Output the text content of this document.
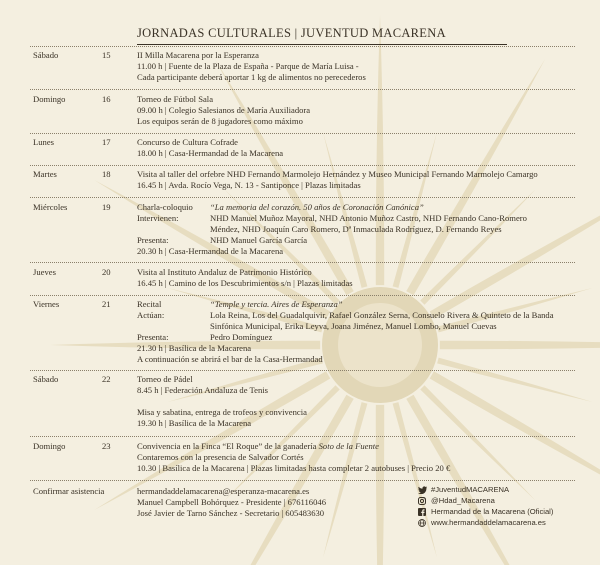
JORNADAS CULTURALES | JUVENTUD MACARENA
Sábado	15	II Milla Macarena por la Esperanza
11.00 h | Fuente de la Plaza de España - Parque de María Luisa -
Cada participante deberá aportar 1 kg de alimentos no perecederos
Domingo	16	Torneo de Fútbol Sala
09.00 h | Colegio Salesianos de María Auxiliadora
Los equipos serán de 8 jugadores como máximo
Lunes	17	Concurso de Cultura Cofrade
18.00 h | Casa-Hermandad de la Macarena
Martes	18	Visita al taller del orfebre NHD Fernando Marmolejo Hernández y Museo Municipal Fernando Marmolejo Camargo
16.45 h | Avda. Rocío Vega, N. 13 - Santiponce | Plazas limitadas
Miércoles	19	Charla-coloquio “La memoria del corazón. 50 años de Coronación Canónica”
Intervienen:	NHD Manuel Muñoz Mayoral, NHD Antonio Muñoz Castro, NHD Fernando Cano-Romero
Méndez, NHD Joaquín Caro Romero, Dª Inmaculada Rodríguez, D. Fernando Reyes
Presenta:	NHD Manuel García García
20.30 h | Casa-Hermandad de la Macarena
Jueves	20	Visita al Instituto Andaluz de Patrimonio Histórico
16.45 h | Camino de los Descubrimientos s/n | Plazas limitadas
Viernes	21	Recital	“Temple y tercia. Aires de Esperanza”
Actúan:	Lola Reina, Los del Guadalquivir, Rafael González Serna, Consuelo Rivera & Quinteto de la Banda
Sinfónica Municipal, Erika Leyva, Joana Jiménez, Manuel Lombo, Manuel Cuevas
Presenta:	Pedro Domínguez
21.30 h | Basílica de la Macarena
A continuación se abrirá el bar de la Casa-Hermandad
Sábado	22	Torneo de Pádel
8.45 h | Federación Andaluza de Tenis
Misa y sabatina, entrega de trofeos y convivencia
19.30 h | Basílica de la Macarena
Domingo	23	Convivencia en la Finca “El Roque” de la ganadería Soto de la Fuente
Contaremos con la presencia de Salvador Cortés
10.30 | Basílica de la Macarena | Plazas limitadas hasta completar 2 autobuses | Precio 20 €
Confirmar asistencia	hermandaddelamacarena@esperanza-macarena.es
Manuel Campbell Bohórquez - Presidente | 676116046
José Javier de Tarno Sánchez - Secretario | 605483630
#JuventudMACARENA
@Hdad_Macarena
Hermandad de la Macarena (Oficial)
www.hermandaddelamacarena.es
